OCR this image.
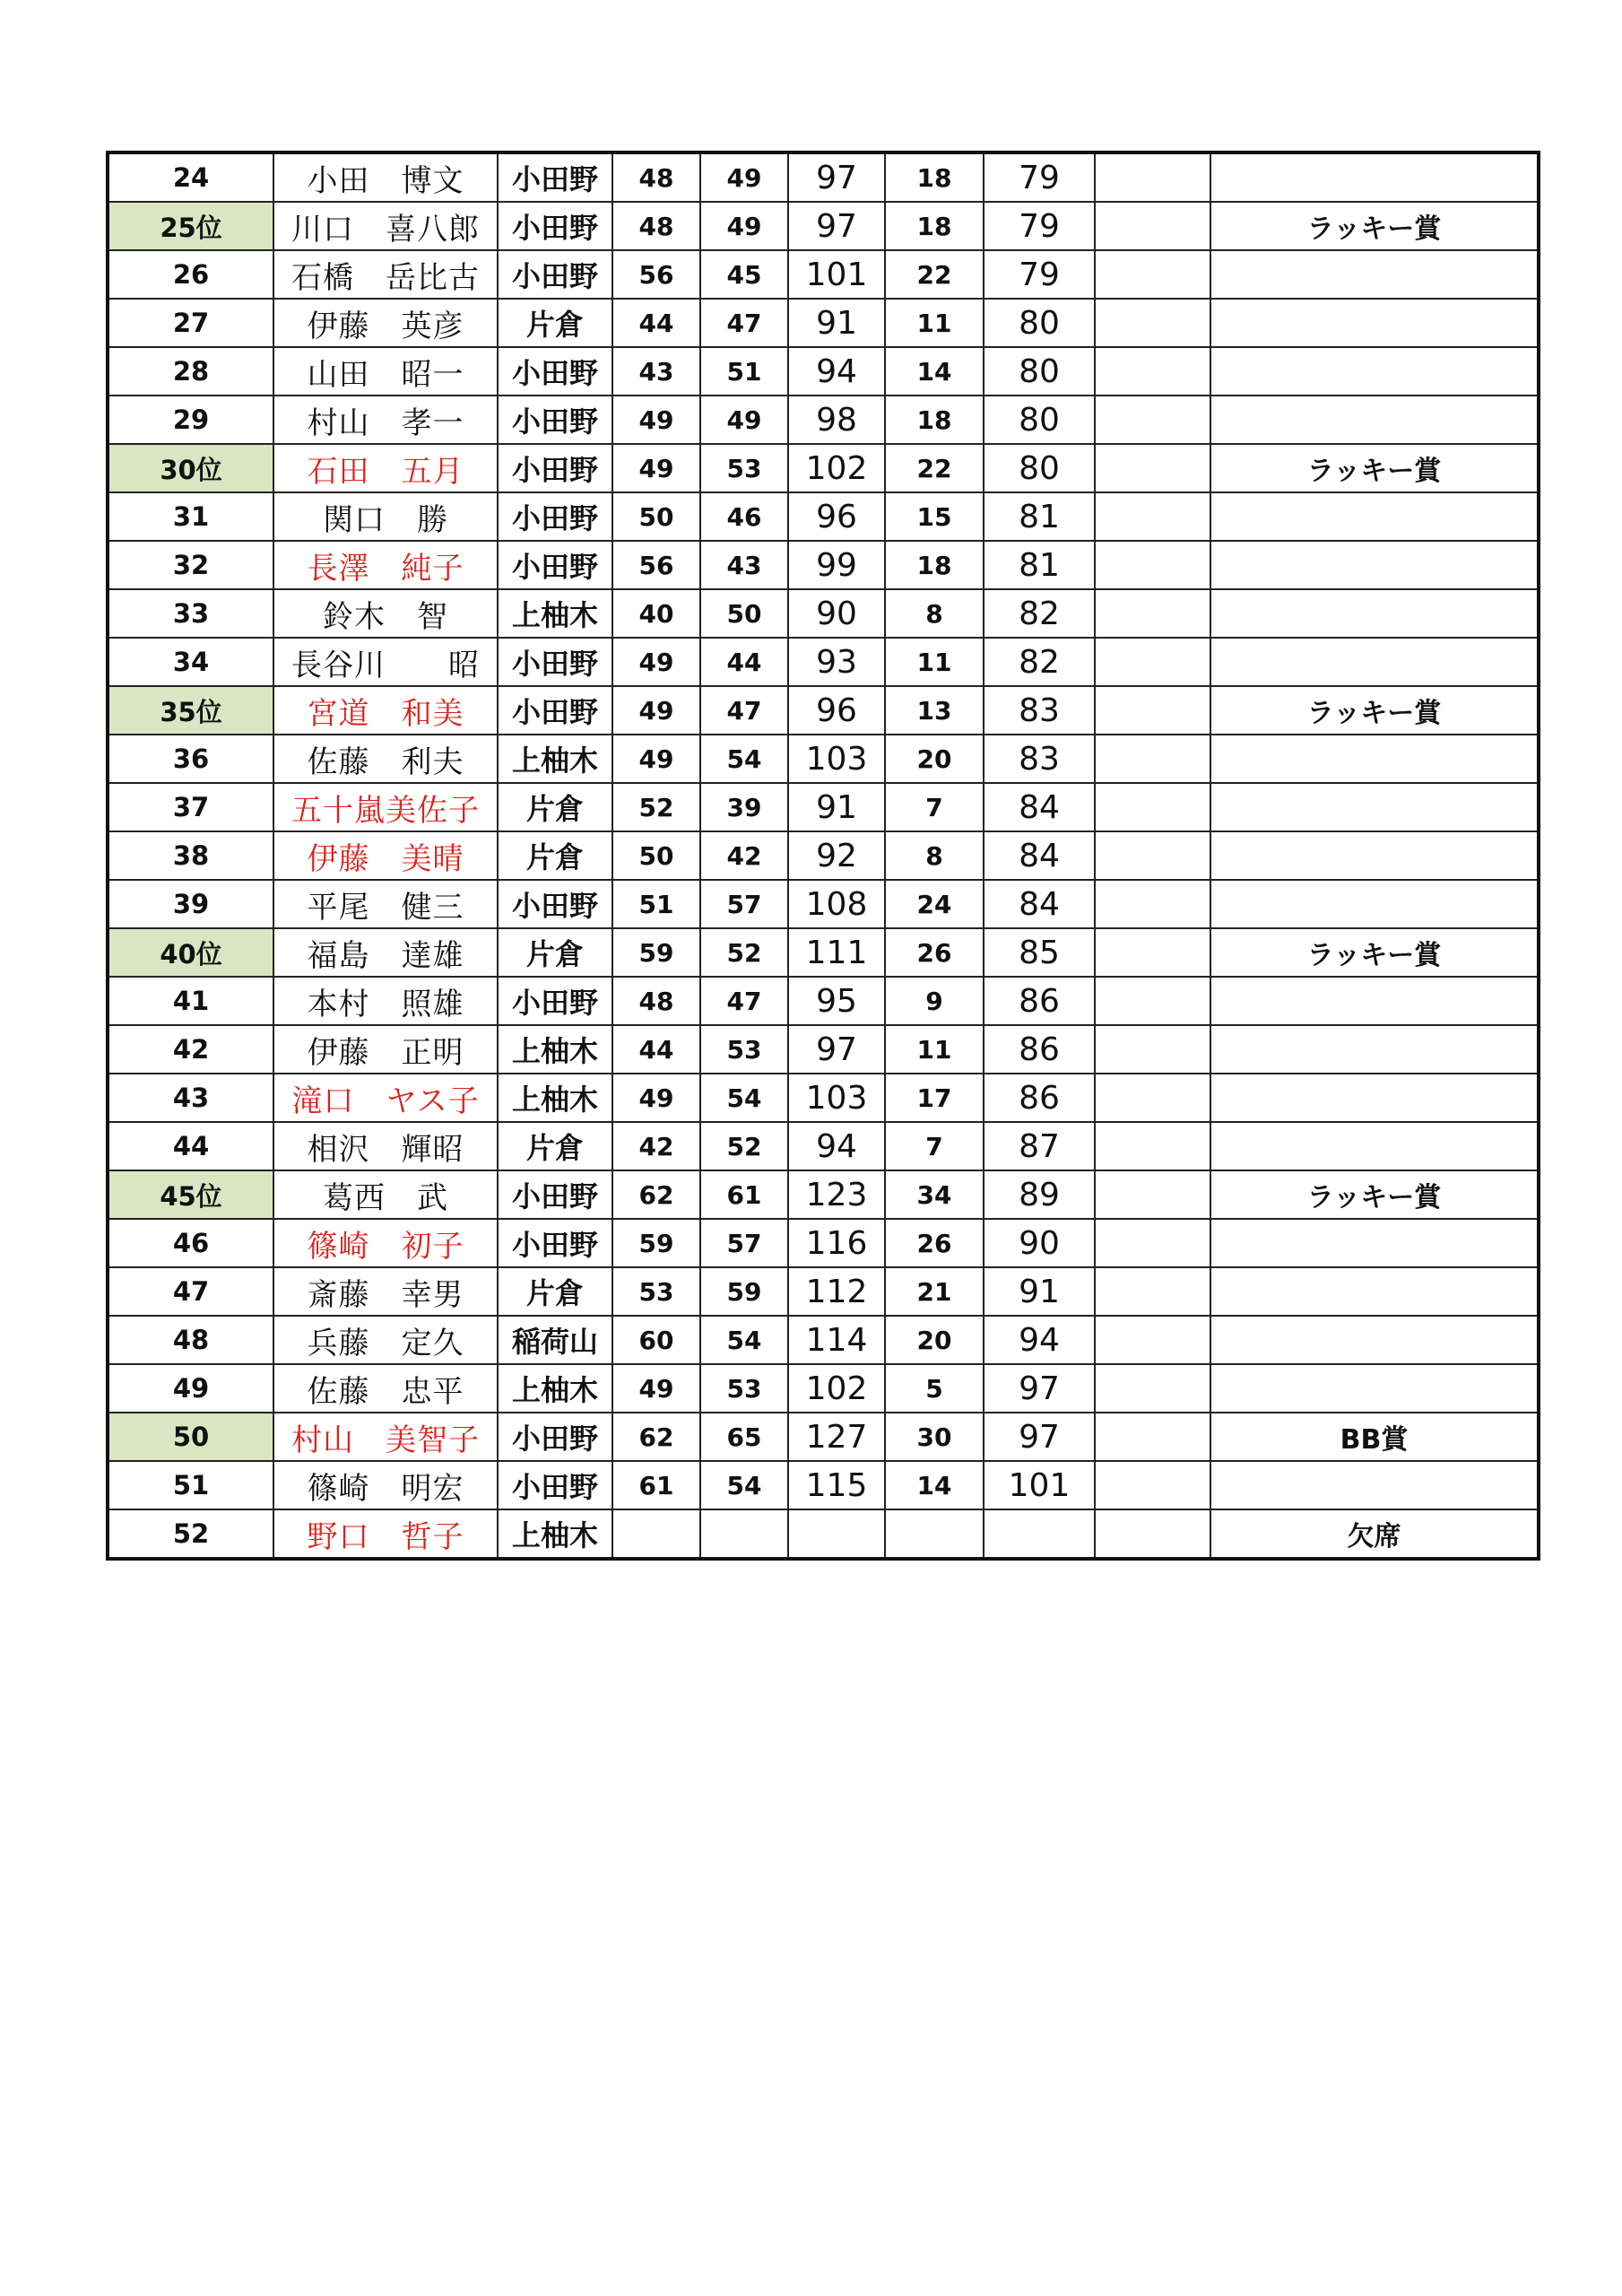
24	小田　博文	小田野	48	49	97	18	79		
25位	川口　喜八郎	小田野	48	49	97	18	79		ラッキー賞
26	石橋　岳比古	小田野	56	45	101	22	79		
27	伊藤　英彦	片倉	44	47	91	11	80		
28	山田　昭一	小田野	43	51	94	14	80		
29	村山　孝一	小田野	49	49	98	18	80		
30位	石田　五月	小田野	49	53	102	22	80		ラッキー賞
31	関口　勝	小田野	50	46	96	15	81		
32	長澤　純子	小田野	56	43	99	18	81		
33	鈴木　智	上柚木	40	50	90	8	82		
34	長谷川　　昭	小田野	49	44	93	11	82		
35位	宮道　和美	小田野	49	47	96	13	83		ラッキー賞
36	佐藤　利夫	上柚木	49	54	103	20	83		
37	五十嵐美佐子	片倉	52	39	91	7	84		
38	伊藤　美晴	片倉	50	42	92	8	84		
39	平尾　健三	小田野	51	57	108	24	84		
40位	福島　達雄	片倉	59	52	111	26	85		ラッキー賞
41	本村　照雄	小田野	48	47	95	9	86		
42	伊藤　正明	上柚木	44	53	97	11	86		
43	滝口　ヤス子	上柚木	49	54	103	17	86		
44	相沢　輝昭	片倉	42	52	94	7	87		
45位	葛西　武	小田野	62	61	123	34	89		ラッキー賞
46	篠崎　初子	小田野	59	57	116	26	90		
47	斎藤　幸男	片倉	53	59	112	21	91		
48	兵藤　定久	稲荷山	60	54	114	20	94		
49	佐藤　忠平	上柚木	49	53	102	5	97		
50	村山　美智子	小田野	62	65	127	30	97		BB賞
51	篠崎　明宏	小田野	61	54	115	14	101		
52	野口　哲子	上柚木							欠席
